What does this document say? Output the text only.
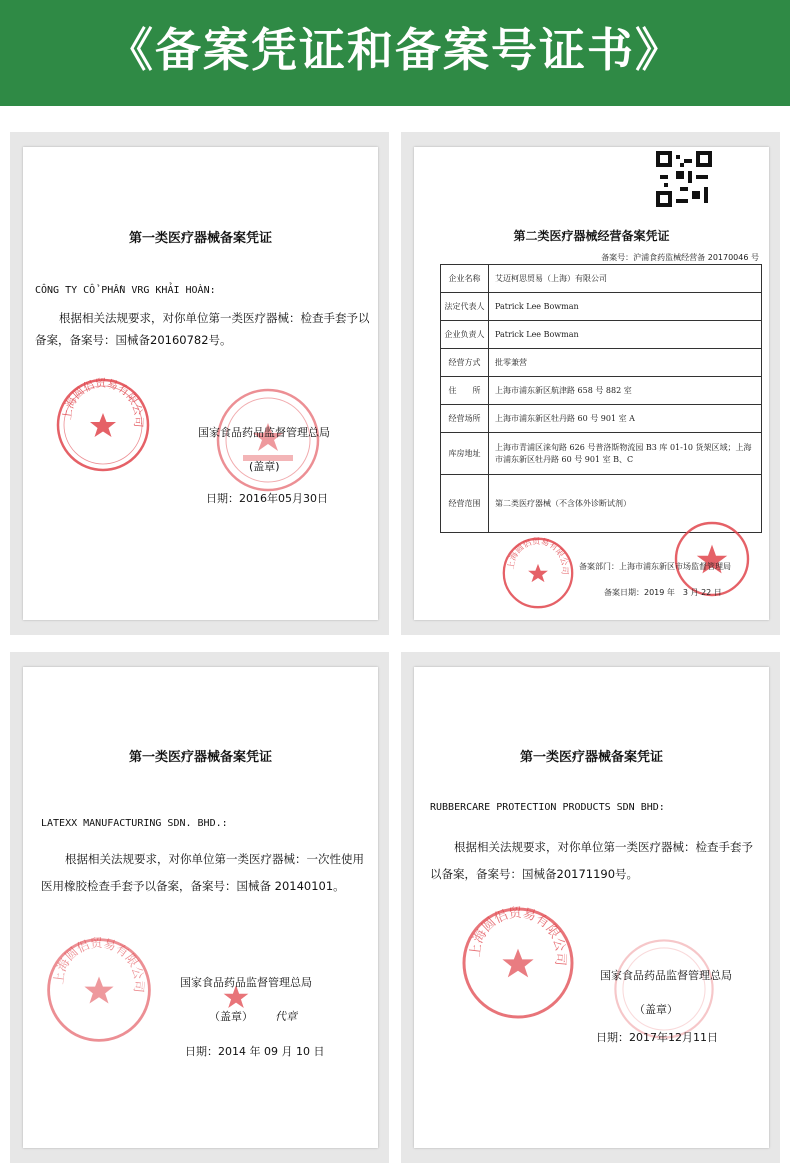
《备案凭证和备案号证书》
第一类医疗器械备案凭证
CÔNG TY CỔ PHẦN VRG KHẢI HOÀN:
根据相关法规要求，对你单位第一类医疗器械：检查手套予以备案，备案号：国械备20160782号。
上海圆侣贸易有限公司
国家食品药品监督管理总局
(盖章)
日期：2016年05月30日
第二类医疗器械经营备案凭证
备案号：沪浦食药监械经营备 20170046 号
企业名称	艾迈柯思贸易（上海）有限公司
法定代表人	Patrick Lee Bowman
企业负责人	Patrick Lee Bowman
经营方式	批零兼营
住　　所	上海市浦东新区航津路 658 号 882 室
经营场所	上海市浦东新区牡丹路 60 号 901 室 A
库房地址	上海市青浦区涞旬路 626 号普洛斯物流园 B3 库 01-10 货架区域；上海市浦东新区牡丹路 60 号 901 室 B、C
经营范围	第二类医疗器械（不含体外诊断试剂）
上海圆侣贸易有限公司 备案部门：上海市浦东新区市场监督管理局
备案日期：2019 年　3 月 22 日
第一类医疗器械备案凭证
LATEXX MANUFACTURING SDN. BHD.:
根据相关法规要求，对你单位第一类医疗器械：一次性使用医用橡胶检查手套予以备案，备案号：国械备 20140101。
上海圆侣贸易有限公司	国家食品药品监督管理总局
（盖章） 代章
日期：2014 年 09 月 10 日
第一类医疗器械备案凭证
RUBBERCARE PROTECTION PRODUCTS SDN BHD:
根据相关法规要求，对你单位第一类医疗器械：检查手套予以备案，备案号：国械备20171190号。
上海圆侣贸易有限公司
国家食品药品监督管理总局
（盖章）
日期：2017年12月11日
